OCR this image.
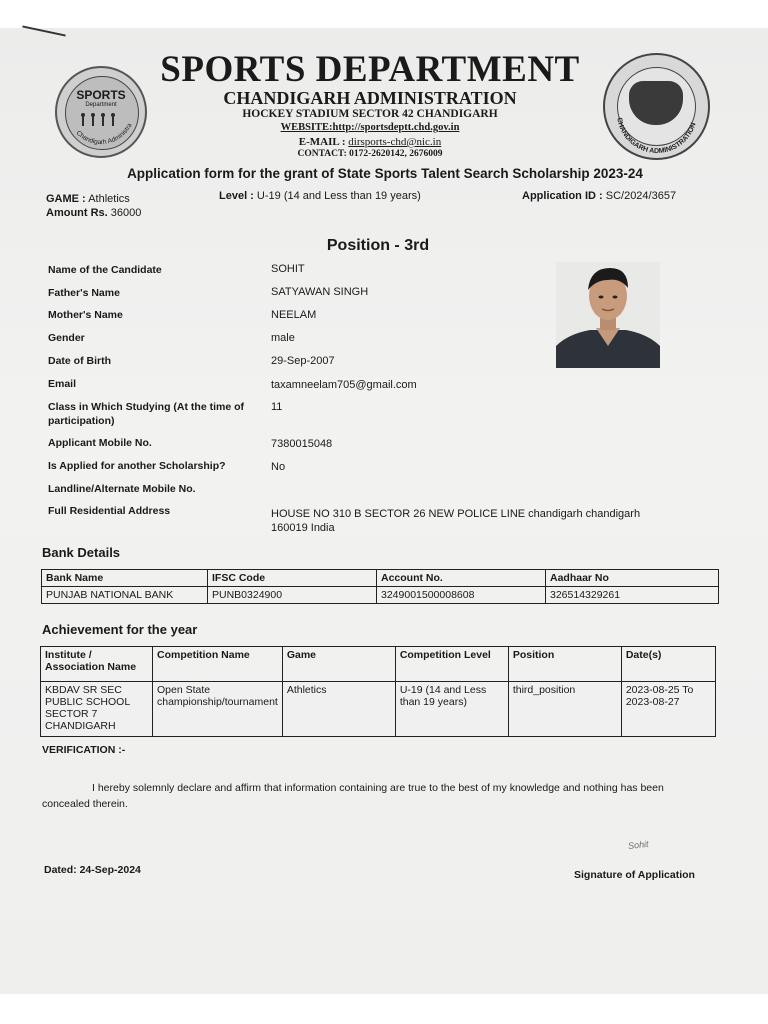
SPORTS
Department
Chandigarh Administra
CHANDIGARH ADMINISTRATION
SPORTS DEPARTMENT
CHANDIGARH ADMINISTRATION
HOCKEY STADIUM SECTOR 42 CHANDIGARH
WEBSITE:http://sportsdeptt.chd.gov.in
E-MAIL : dirsports-chd@nic.in
CONTACT: 0172-2620142, 2676009
Application form for the grant of State Sports Talent Search Scholarship 2023-24
GAME : Athletics
Amount Rs. 36000
Level : U-19 (14 and Less than 19 years)	Application ID : SC/2024/3657
Position - 3rd
Name of the Candidate	SOHIT
Father's Name	SATYAWAN SINGH
Mother's Name	NEELAM
Gender	male
Date of Birth	29-Sep-2007
Email	taxamneelam705@gmail.com
Class in Which Studying (At the time of participation)
11
Applicant Mobile No.	7380015048
Is Applied for another Scholarship?	No
Landline/Alternate Mobile No.
Full Residential Address	HOUSE NO 310 B SECTOR 26 NEW POLICE LINE chandigarh chandigarh 160019 India
Bank Details
Bank Name	IFSC Code	Account No.	Aadhaar No
PUNJAB NATIONAL BANK	PUNB0324900	3249001500008608	326514329261
Achievement for the year
Institute / Association Name	Competition Name	Game	Competition Level	Position	Date(s)
KBDAV SR SEC PUBLIC SCHOOL SECTOR 7 CHANDIGARH	Open State championship/tournament	Athletics	U-19 (14 and Less than 19 years)	third_position	2023-08-25 To 2023-08-27
VERIFICATION :-
I hereby solemnly declare and affirm that information containing are true to the best of my knowledge and nothing has been concealed therein.
Sohit
Dated: 24-Sep-2024	Signature of Application
